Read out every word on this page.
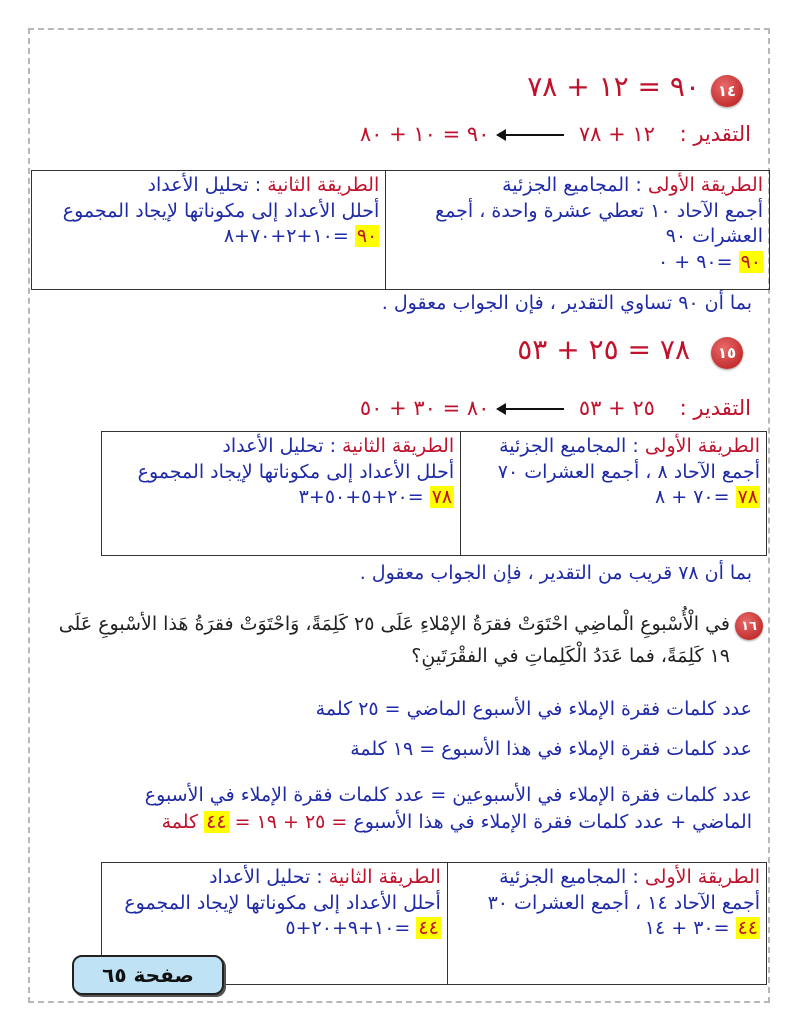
١٤
٩٠ = ١٢ + ٧٨
التقدير : ١٢ + ٧٨  ٩٠ = ١٠ + ٨٠
الطريقة الأولى : المجاميع الجزئية
أجمع الآحاد ١٠ تعطي عشرة واحدة ، أجمع العشرات ٩٠
٩٠ =٩٠ + ٠

الطريقة الثانية : تحليل الأعداد
أحلل الأعداد إلى مكوناتها لإيجاد المجموع
٩٠ =١٠+٢+٧٠+٨
بما أن ٩٠ تساوي التقدير ، فإن الجواب معقول .
١٥
٧٨ = ٢٥ + ٥٣
التقدير : ٢٥ + ٥٣  ٨٠ = ٣٠ + ٥٠
الطريقة الأولى : المجاميع الجزئية
أجمع الآحاد ٨ ، أجمع العشرات ٧٠
٧٨ =٧٠ + ٨

الطريقة الثانية : تحليل الأعداد
أحلل الأعداد إلى مكوناتها لإيجاد المجموع
٧٨ =٢٠+٥+٥٠+٣
بما أن ٧٨ قريب من التقدير ، فإن الجواب معقول .
١٦
في الْأُسْبوعِ الْماضِي احْتَوَتْ فقرَةُ الإمْلاءِ عَلَى ٢٥ كَلِمَةً، وَاحْتَوَتْ فقرَةُ هَذا الأسْبوعِ عَلَى
١٩ كَلِمَةً، فما عَدَدُ الْكَلِماتِ في الفقْرَتَينِ؟
عدد كلمات فقرة الإملاء في الأسبوع الماضي = ٢٥ كلمة
عدد كلمات فقرة الإملاء في هذا الأسبوع = ١٩ كلمة
عدد كلمات فقرة الإملاء في الأسبوعين = عدد كلمات فقرة الإملاء في الأسبوع
الماضي + عدد كلمات فقرة الإملاء في هذا الأسبوع = ٢٥ + ١٩ = ٤٤ كلمة
الطريقة الأولى : المجاميع الجزئية
أجمع الآحاد ١٤ ، أجمع العشرات ٣٠
٤٤ =٣٠ + ١٤

الطريقة الثانية : تحليل الأعداد
أحلل الأعداد إلى مكوناتها لإيجاد المجموع
٤٤ =١٠+٩+٢٠+٥
صفحة ٦٥
